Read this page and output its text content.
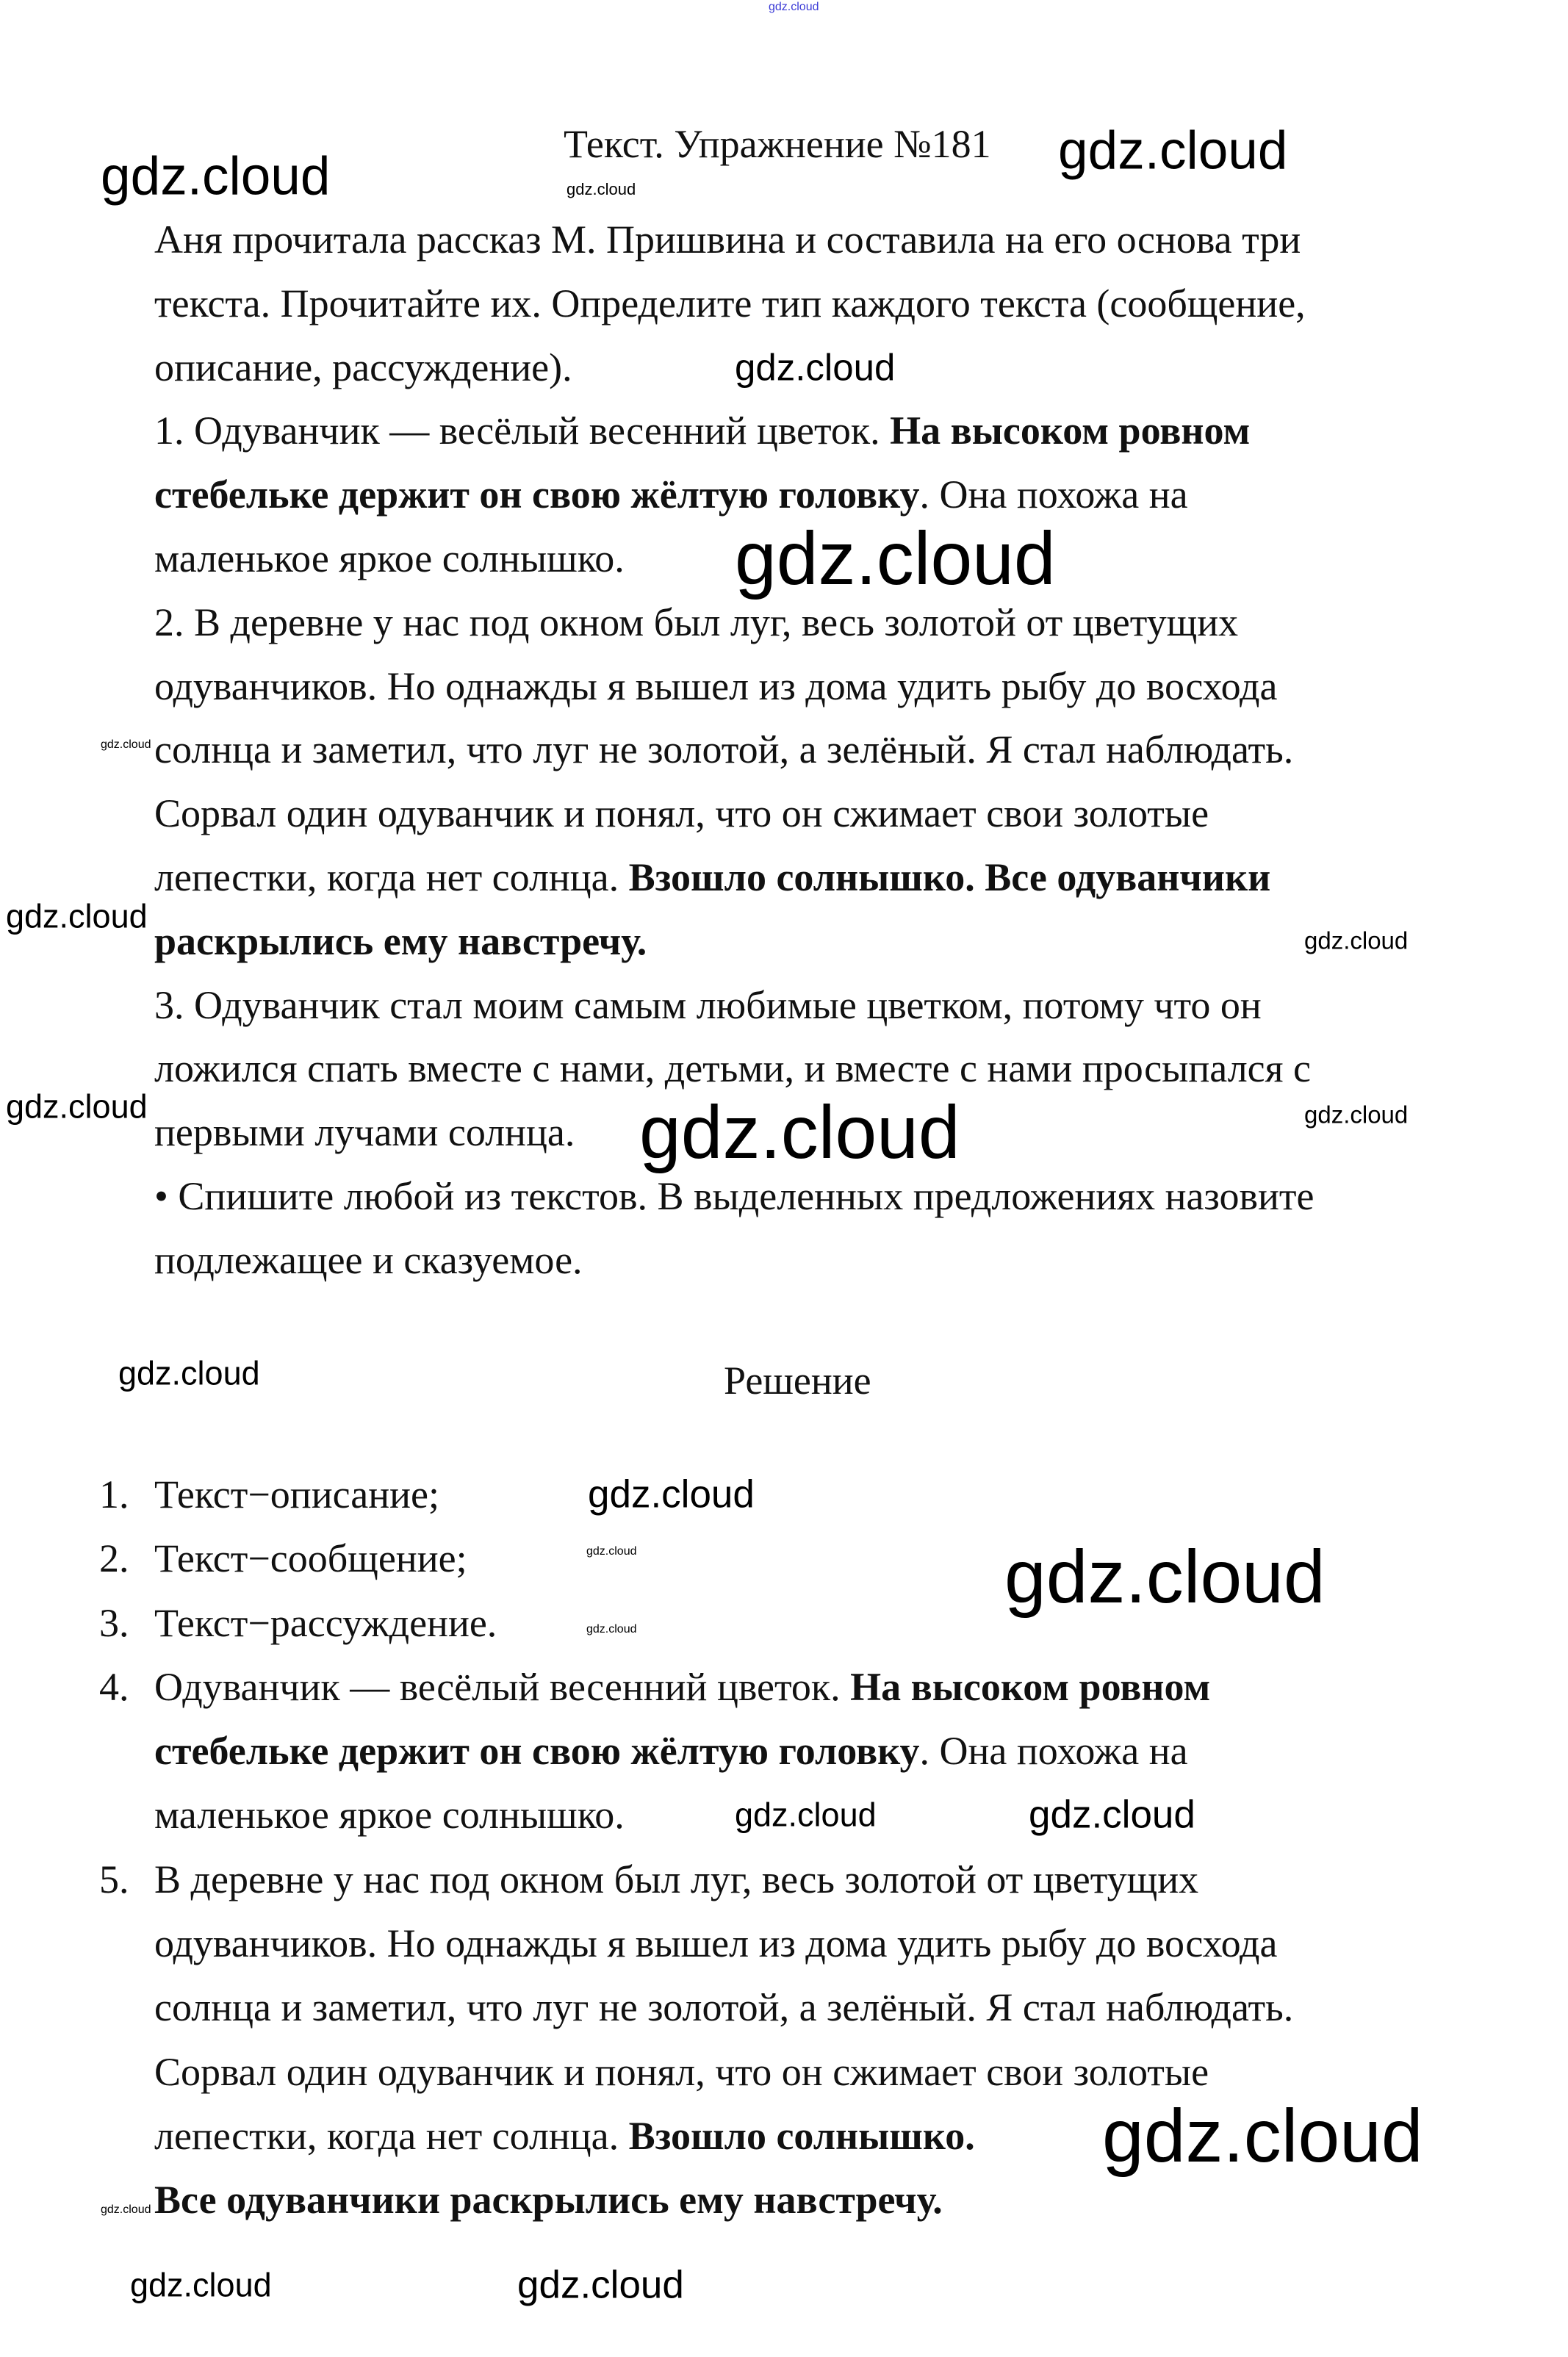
Текст. Упражнение №181
Аня прочитала рассказ М. Пришвина и составила на его основа три
текста. Прочитайте их. Определите тип каждого текста (сообщение,
описание, рассуждение).
1. Одуванчик — весёлый весенний цветок. На высоком ровном
стебельке держит он свою жёлтую головку. Она похожа на
маленькое яркое солнышко.
2. В деревне у нас под окном был луг, весь золотой от цветущих
одуванчиков. Но однажды я вышел из дома удить рыбу до восхода
солнца и заметил, что луг не золотой, а зелёный. Я стал наблюдать.
Сорвал один одуванчик и понял, что он сжимает свои золотые
лепестки, когда нет солнца. Взошло солнышко. Все одуванчики
раскрылись ему навстречу.
3. Одуванчик стал моим самым любимые цветком, потому что он
ложился спать вместе с нами, детьми, и вместе с нами просыпался с
первыми лучами солнца.
• Спишите любой из текстов. В выделенных предложениях назовите
подлежащее и сказуемое.
Решение
1. Текст−описание;
2. Текст−сообщение;
3. Текст−рассуждение.
4. Одуванчик — весёлый весенний цветок. На высоком ровном
стебельке держит он свою жёлтую головку. Она похожа на
маленькое яркое солнышко.
5. В деревне у нас под окном был луг, весь золотой от цветущих
одуванчиков. Но однажды я вышел из дома удить рыбу до восхода
солнца и заметил, что луг не золотой, а зелёный. Я стал наблюдать.
Сорвал один одуванчик и понял, что он сжимает свои золотые
лепестки, когда нет солнца. Взошло солнышко.
Все одуванчики раскрылись ему навстречу.
gdz.cloud
gdz.cloud
gdz.cloud
gdz.cloud
gdz.cloud
gdz.cloud
gdz.cloud
gdz.cloud
gdz.cloud
gdz.cloud	gdz.cloud
gdz.cloud
gdz.cloud
gdz.cloud	gdz.cloud
gdz.cloud
gdz.cloud
gdz.cloud	gdz.cloud
gdz.cloud	gdz.cloud
gdz.cloud
gdz.cloud
